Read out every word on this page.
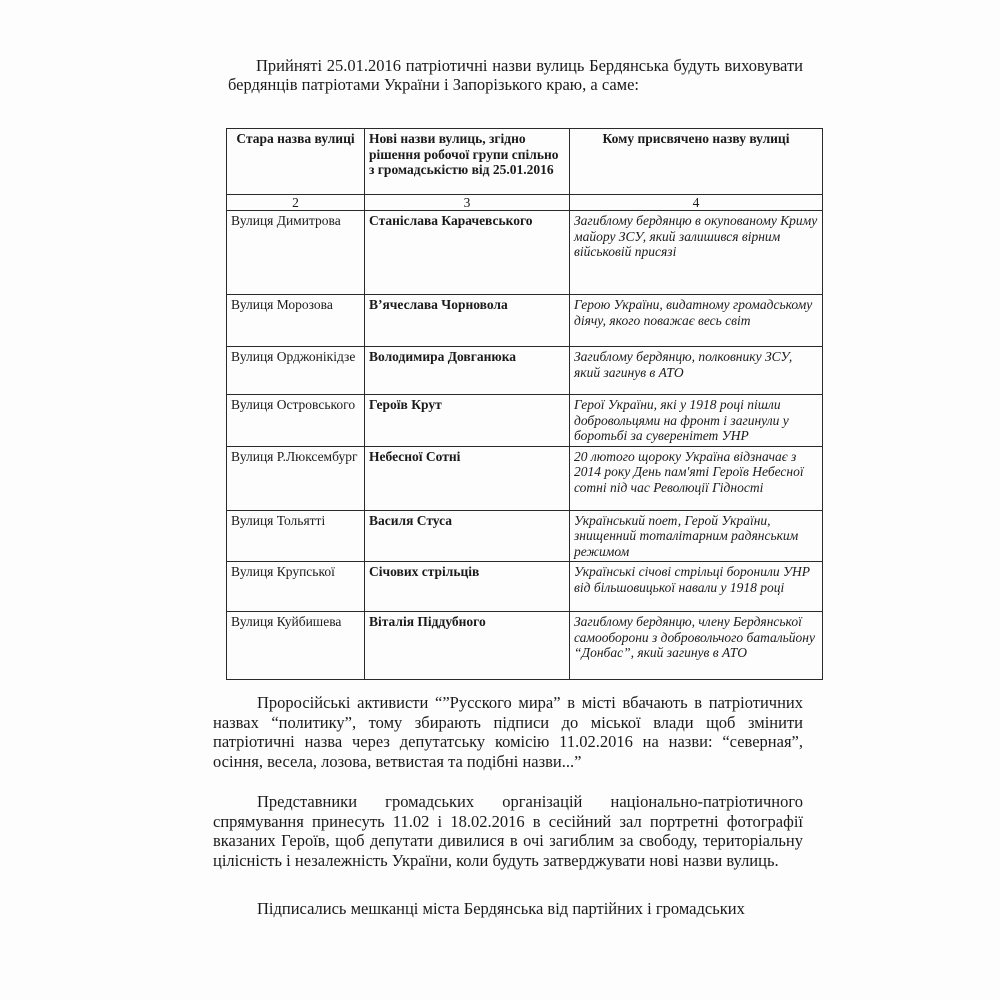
Прийняті 25.01.2016 патріотичні назви вулиць Бердянська будуть виховувати бердянців патріотами України і Запорізького краю, а саме:
Стара назва вулиці	Нові назви вулиць, згідно рішення робочої групи спільно з громадськістю від 25.01.2016	Кому присвячено назву вулиці
2	3	4
Вулиця Димитрова	Станіслава Карачевського	Загиблому бердянцю в окупованому Криму майору ЗСУ, який залишився вірним військовій присязі
Вулиця Морозова	В’ячеслава Чорновола	Герою України, видатному громадському діячу, якого поважає весь світ
Вулиця Орджонікідзе	Володимира Довганюка	Загиблому бердянцю, полковнику ЗСУ, який загинув в АТО
Вулиця Островського	Героїв Крут	Герої України, які у 1918 році пішли добровольцями на фронт і загинули у боротьбі за суверенітет УНР
Вулиця Р.Люксембург	Небесної Сотні	20 лютого щороку Україна відзначає з 2014 року День пам'яті Героїв Небесної сотні під час Революції Гідності
Вулиця Тольятті	Василя Стуса	Український поет, Герой України, знищенний тоталітарним радянським режимом
Вулиця Крупської	Січових стрільців	Українські січові стрільці боронили УНР від більшовицької навали у 1918 році
Вулиця Куйбишева	Віталія Піддубного	Загиблому бердянцю, члену Бердянської самооборони з добровольчого батальйону “Донбас”, який загинув в АТО
Проросійські активисти “”Русского мира” в місті вбачають в патріотичних назвах “политику”, тому збирають підписи до міської влади щоб змінити патріотичні назва через депутатську комісію 11.02.2016 на назви: “северная”, осіння, весела, лозова, ветвистая та подібні назви...”
Представники громадських організацій національно-патріотичного спрямування принесуть 11.02 і 18.02.2016 в сесійний зал портретні фотографії вказаних Героїв, щоб депутати дивилися в очі загиблим за свободу, територіальну цілісність і незалежність України, коли будуть затверджувати нові назви вулиць.
Підписались мешканці міста Бердянська від партійних і громадських
